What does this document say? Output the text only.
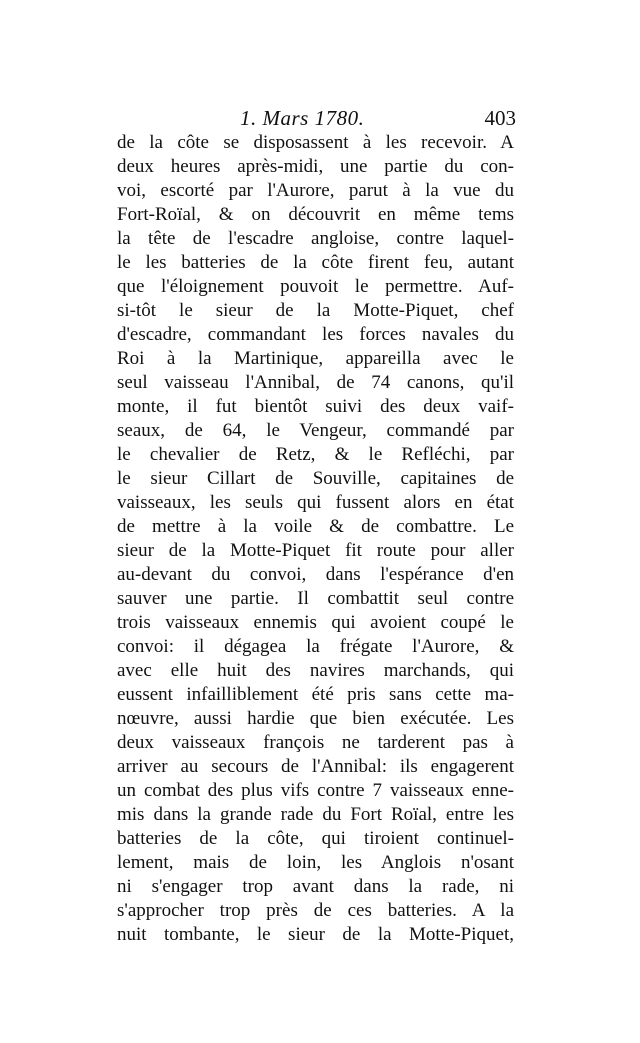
1. Mars 1780.	403
de la côte se disposassent à les recevoir. A
deux heures après-midi, une partie du con-
voi, escorté par l'Aurore, parut à la vue du
Fort-Roïal, & on découvrit en même tems
la tête de l'escadre angloise, contre laquel-
le les batteries de la côte firent feu, autant
que l'éloignement pouvoit le permettre. Auf-
si-tôt le sieur de la Motte-Piquet, chef
d'escadre, commandant les forces navales du
Roi à la Martinique, appareilla avec le
seul vaisseau l'Annibal, de 74 canons, qu'il
monte, il fut bientôt suivi des deux vaif-
seaux, de 64, le Vengeur, commandé par
le chevalier de Retz, & le Refléchi, par
le sieur Cillart de Souville, capitaines de
vaisseaux, les seuls qui fussent alors en état
de mettre à la voile & de combattre. Le
sieur de la Motte-Piquet fit route pour aller
au-devant du convoi, dans l'espérance d'en
sauver une partie. Il combattit seul contre
trois vaisseaux ennemis qui avoient coupé le
convoi: il dégagea la frégate l'Aurore, &
avec elle huit des navires marchands, qui
eussent infailliblement été pris sans cette ma-
nœuvre, aussi hardie que bien exécutée. Les
deux vaisseaux françois ne tarderent pas à
arriver au secours de l'Annibal: ils engagerent
un combat des plus vifs contre 7 vaisseaux enne-
mis dans la grande rade du Fort Roïal, entre les
batteries de la côte, qui tiroient continuel-
lement, mais de loin, les Anglois n'osant
ni s'engager trop avant dans la rade, ni
s'approcher trop près de ces batteries. A la
nuit tombante, le sieur de la Motte-Piquet,
